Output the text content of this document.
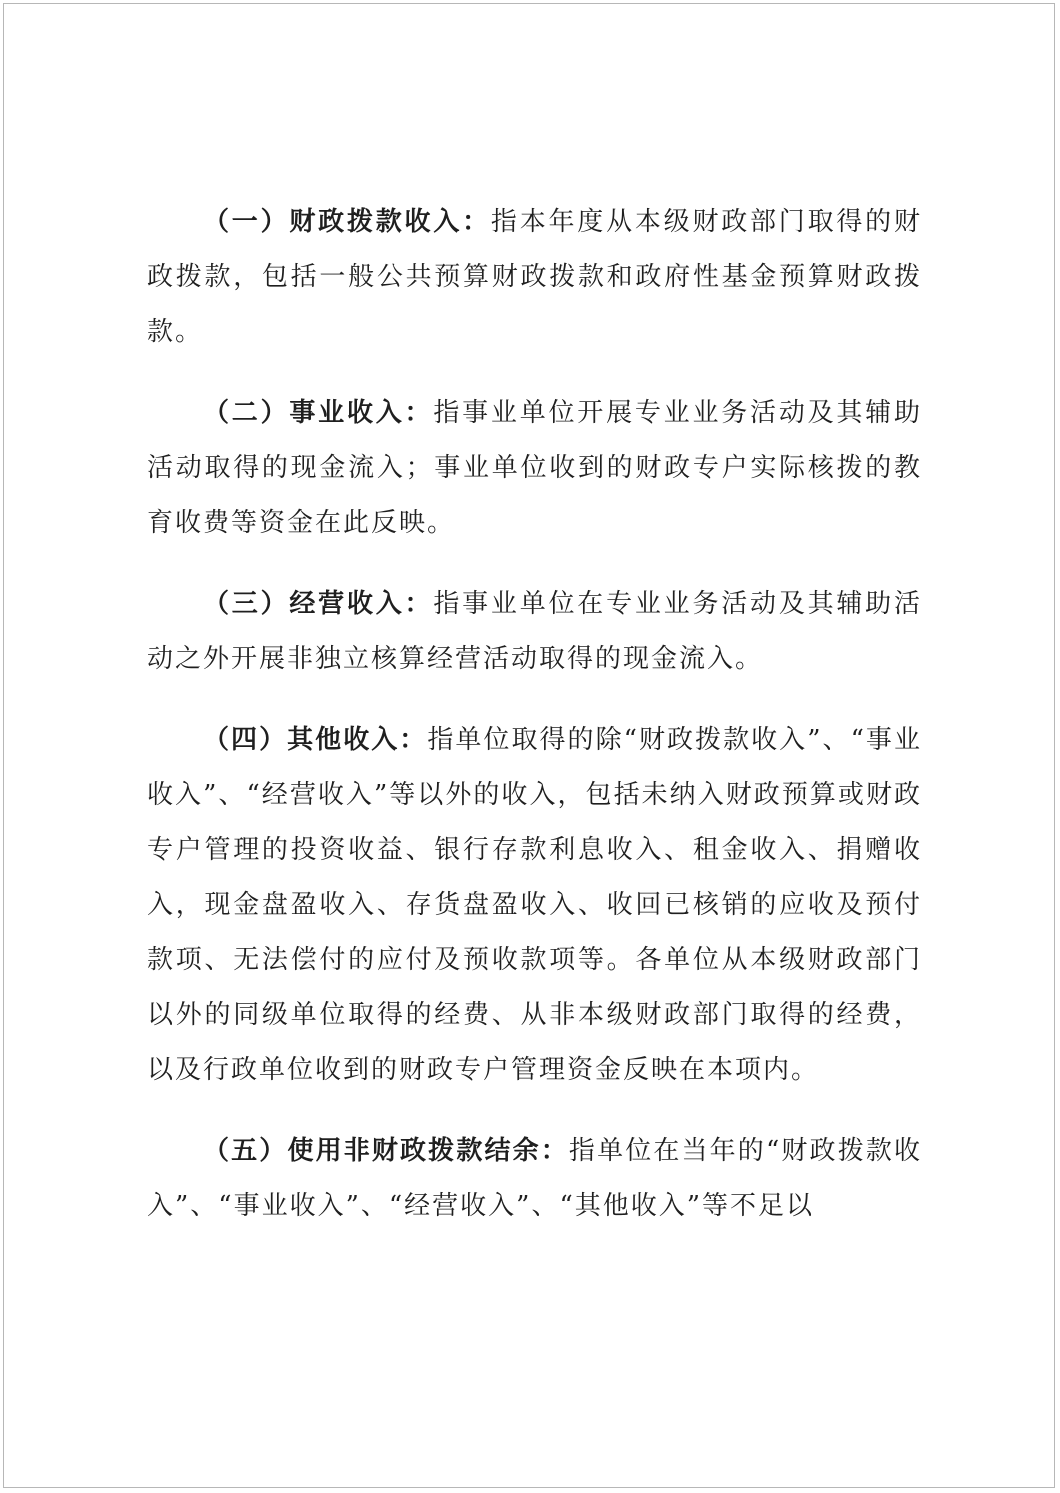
（一）财政拨款收入：指本年度从本级财政部门取得的财政拨款，包括一般公共预算财政拨款和政府性基金预算财政拨款。

（二）事业收入：指事业单位开展专业业务活动及其辅助活动取得的现金流入；事业单位收到的财政专户实际核拨的教育收费等资金在此反映。

（三）经营收入：指事业单位在专业业务活动及其辅助活动之外开展非独立核算经营活动取得的现金流入。

（四）其他收入：指单位取得的除“财政拨款收入”、“事业收入”、“经营收入”等以外的收入，包括未纳入财政预算或财政专户管理的投资收益、银行存款利息收入、租金收入、捐赠收入，现金盘盈收入、存货盘盈收入、收回已核销的应收及预付款项、无法偿付的应付及预收款项等。各单位从本级财政部门以外的同级单位取得的经费、从非本级财政部门取得的经费，以及行政单位收到的财政专户管理资金反映在本项内。

（五）使用非财政拨款结余：指单位在当年的“财政拨款收入”、“事业收入”、“经营收入”、“其他收入”等不足以
